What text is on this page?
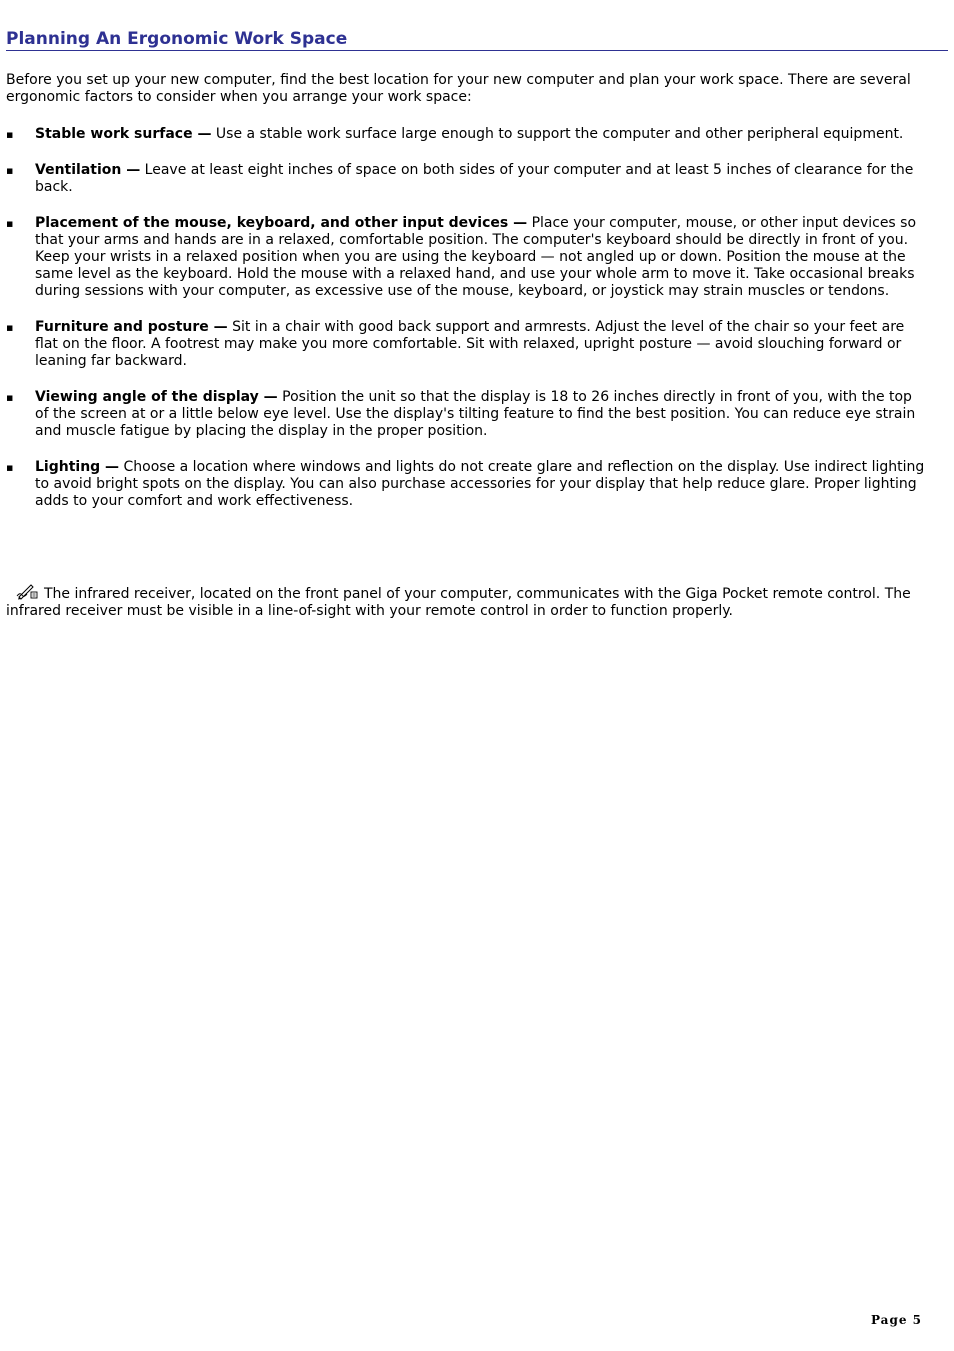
Planning An Ergonomic Work Space

Before you set up your new computer, find the best location for your new computer and plan your work space. There are several ergonomic factors to consider when you arrange your work space:

▪ Stable work surface — Use a stable work surface large enough to support the computer and other peripheral equipment.
▪ Ventilation — Leave at least eight inches of space on both sides of your computer and at least 5 inches of clearance for the back.
▪ Placement of the mouse, keyboard, and other input devices — Place your computer, mouse, or other input devices so that your arms and hands are in a relaxed, comfortable position. The computer's keyboard should be directly in front of you. Keep your wrists in a relaxed position when you are using the keyboard — not angled up or down. Position the mouse at the same level as the keyboard. Hold the mouse with a relaxed hand, and use your whole arm to move it. Take occasional breaks during sessions with your computer, as excessive use of the mouse, keyboard, or joystick may strain muscles or tendons.
▪ Furniture and posture — Sit in a chair with good back support and armrests. Adjust the level of the chair so your feet are flat on the floor. A footrest may make you more comfortable. Sit with relaxed, upright posture — avoid slouching forward or leaning far backward.
▪ Viewing angle of the display — Position the unit so that the display is 18 to 26 inches directly in front of you, with the top of the screen at or a little below eye level. Use the display's tilting feature to find the best position. You can reduce eye strain and muscle fatigue by placing the display in the proper position.
▪ Lighting — Choose a location where windows and lights do not create glare and reflection on the display. Use indirect lighting to avoid bright spots on the display. You can also purchase accessories for your display that help reduce glare. Proper lighting adds to your comfort and work effectiveness.

The infrared receiver, located on the front panel of your computer, communicates with the Giga Pocket remote control. The infrared receiver must be visible in a line-of-sight with your remote control in order to function properly.

Page 5
